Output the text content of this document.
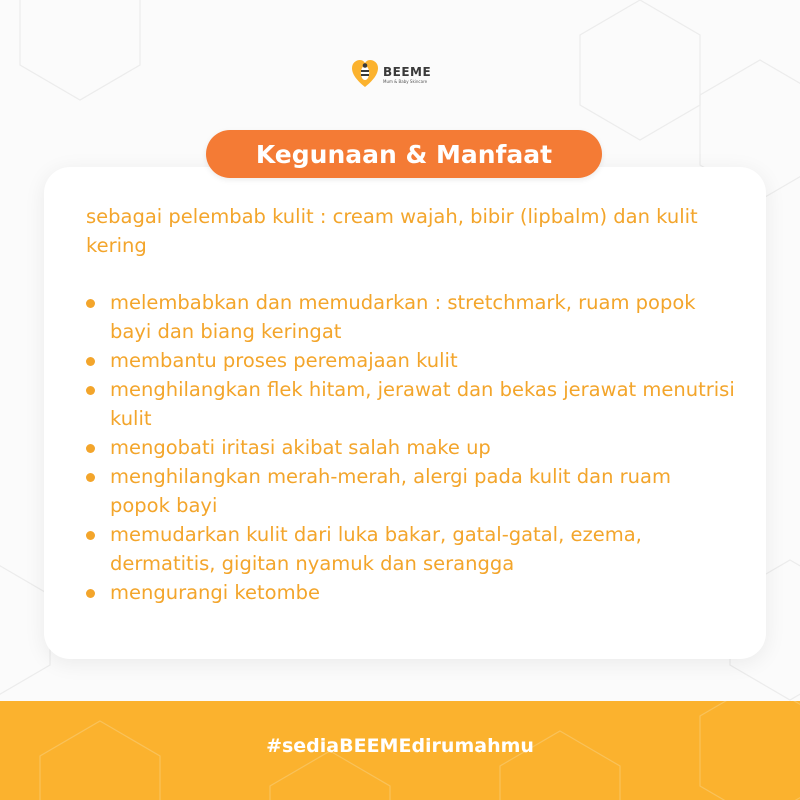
BEEME
Mum & Baby Skincare
Kegunaan & Manfaat

sebagai pelembab kulit : cream wajah, bibir (lipbalm) dan kulit kering

melembabkan dan memudarkan : stretchmark, ruam popok bayi dan biang keringat
membantu proses peremajaan kulit
menghilangkan flek hitam, jerawat dan bekas jerawat menutrisi kulit
mengobati iritasi akibat salah make up
menghilangkan merah-merah, alergi pada kulit dan ruam popok bayi
memudarkan kulit dari luka bakar, gatal-gatal, ezema, dermatitis, gigitan nyamuk dan serangga
mengurangi ketombe
#sediaBEEMEdirumahmu
